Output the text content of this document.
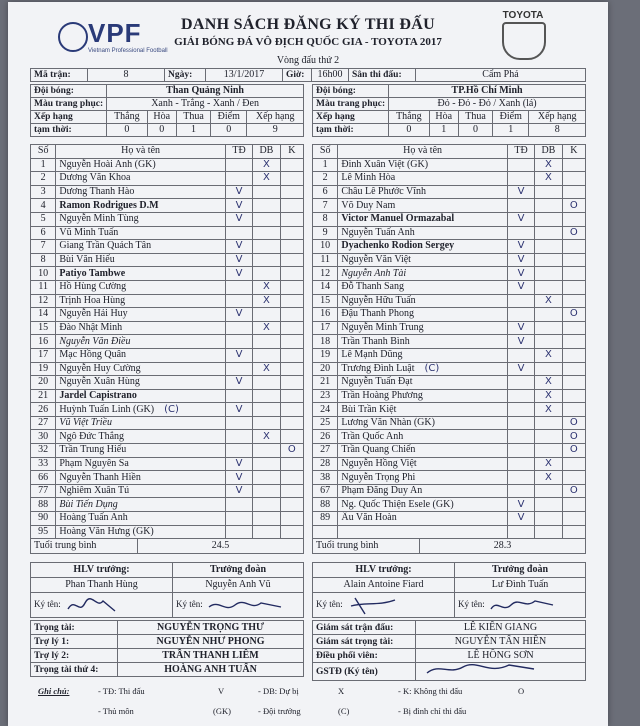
VPF
Vietnam Professional Football
TOYOTA
DANH SÁCH ĐĂNG KÝ THI ĐẤU
GIẢI BÓNG ĐÁ VÔ ĐỊCH QUỐC GIA - TOYOTA 2017
Vòng đấu thứ 2
Mã trận:	8	Ngày:	13/1/2017	Giờ:	16h00	Sân thi đấu:	Cẩm Phả
Đội bóng:	Than Quảng Ninh				
Màu trang phục:	Xanh - Trắng - Xanh / Đen				
Xếp hạng	Thắng	Hòa	Thua	Điểm	Xếp hạng
tạm thời:	0	0	1	0	9
Đội bóng:	TP.Hồ Chí Minh				
Màu trang phục:	Đỏ - Đỏ - Đỏ / Xanh (lá)				
Xếp hạng	Thắng	Hòa	Thua	Điểm	Xếp hạng
tạm thời:	0	1	0	1	8
Số	Họ và tên	TĐ	DB	K
1	Nguyễn Hoài Anh (GK)		X	
2	Dương Văn Khoa		X	
3	Dương Thanh Hào	V		
4	Ramon Rodrigues D.M	V		
5	Nguyễn Minh Tùng	V		
6	Vũ Minh Tuấn			
7	Giang Trần Quách Tân	V		
8	Bùi Văn Hiếu	V		
10	Patiyo Tambwe	V		
11	Hồ Hùng Cường		X	
12	Trịnh Hoa Hùng		X	
14	Nguyễn Hải Huy	V		
15	Đào Nhật Minh		X	
16	Nguyễn Văn Điều			
17	Mạc Hồng Quân	V		
19	Nguyễn Huy Cường		X	
20	Nguyễn Xuân Hùng	V		
21	Jardel Capistrano			
26	Huỳnh Tuấn Linh (GK) (C)	V		
27	Vũ Việt Triều			
30	Ngô Đức Thắng		X	
32	Trần Trung Hiếu			O
33	Phạm Nguyên Sa	V		
66	Nguyễn Thanh Hiền	V		
77	Nghiêm Xuân Tú	V		
88	Bùi Tiến Dụng			
90	Hoàng Tuấn Anh			
95	Hoàng Văn Hưng (GK)			
Số	Họ và tên	TĐ	DB	K
1	Đinh Xuân Việt (GK)		X	
2	Lê Minh Hòa		X	
6	Châu Lê Phước Vĩnh	V		
7	Võ Duy Nam			O
8	Victor Manuel Ormazabal	V		
9	Nguyễn Tuấn Anh			O
10	Dyachenko Rodion Sergey	V		
11	Nguyễn Văn Việt	V		
12	Nguyễn Anh Tài	V		
14	Đỗ Thanh Sang	V		
15	Nguyễn Hữu Tuấn		X	
16	Đậu Thanh Phong			O
17	Nguyễn Minh Trung	V		
18	Trần Thanh Bình	V		
19	Lê Mạnh Dũng		X	
20	Trương Đình Luật (C)	V		
21	Nguyễn Tuấn Đạt		X	
23	Trần Hoàng Phương		X	
24	Bùi Trần Kiệt		X	
25	Lương Văn Nhàn (GK)			O
26	Trần Quốc Anh			O
27	Trần Quang Chiến			O
28	Nguyễn Hồng Việt		X	
38	Nguyễn Trọng Phi		X	
67	Phạm Đăng Duy An			O
88	Ng. Quốc Thiện Esele (GK)	V		
89	Âu Văn Hoàn	V		

Tuổi trung bình	24.5	Tuổi trung bình	28.3
HLV trưởng:	Trưởng đoàn
Phan Thanh Hùng	Nguyễn Anh Vũ
Ký tên:	Ký tên:
HLV trưởng:	Trưởng đoàn
Alain Antoine Fiard	Lư Đình Tuấn
Ký tên:	Ký tên:
Trọng tài:	NGUYỄN TRỌNG THƯ
Trợ lý 1:	NGUYỄN NHƯ PHONG
Trợ lý 2:	TRẦN THANH LIÊM
Trọng tài thứ 4:	HOÀNG ANH TUẤN
Giám sát trận đấu:	LÊ KIẾN GIANG
Giám sát trọng tài:	NGUYỄN TẤN HIỀN
Điều phối viên:	LÊ HỒNG SƠN
GSTĐ (Ký tên)	
Ghi chú:	- TĐ: Thi đấu	V	- DB: Dự bị	X	- K: Không thi đấu	O
- Thủ môn	(GK)	- Đội trưởng	(C)	- Bị đình chỉ thi đấu
